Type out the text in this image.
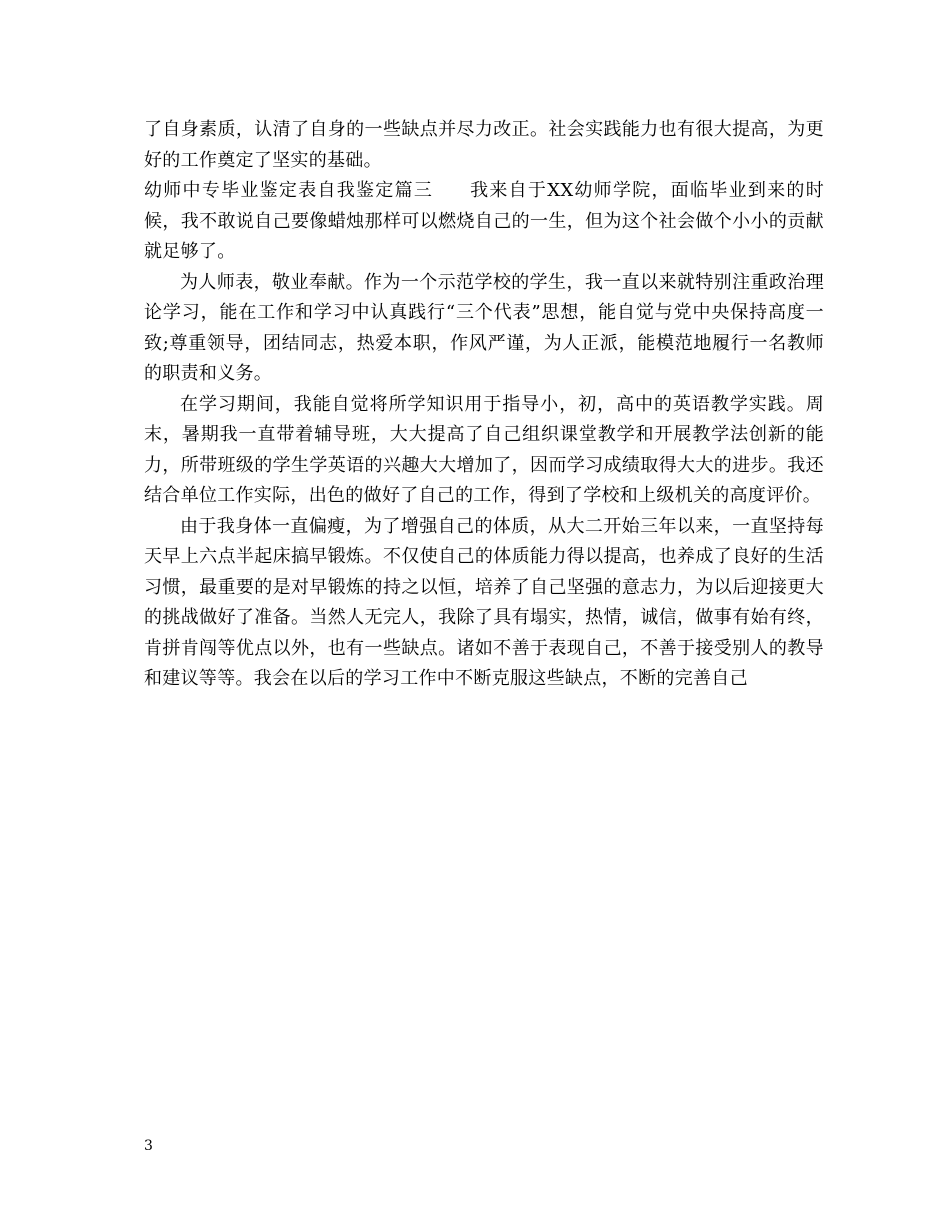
了自身素质，认清了自身的一些缺点并尽力改正。社会实践能力也有很大提高，为更好的工作奠定了坚实的基础。

幼师中专毕业鉴定表自我鉴定篇三 我来自于XX幼师学院，面临毕业到来的时候，我不敢说自己要像蜡烛那样可以燃烧自己的一生，但为这个社会做个小小的贡献就足够了。

为人师表，敬业奉献。作为一个示范学校的学生，我一直以来就特别注重政治理论学习，能在工作和学习中认真践行“三个代表”思想，能自觉与党中央保持高度一致;尊重领导，团结同志，热爱本职，作风严谨，为人正派，能模范地履行一名教师的职责和义务。

在学习期间，我能自觉将所学知识用于指导小，初，高中的英语教学实践。周末，暑期我一直带着辅导班，大大提高了自己组织课堂教学和开展教学法创新的能力，所带班级的学生学英语的兴趣大大增加了，因而学习成绩取得大大的进步。我还结合单位工作实际，出色的做好了自己的工作，得到了学校和上级机关的高度评价。

由于我身体一直偏瘦，为了增强自己的体质，从大二开始三年以来，一直坚持每天早上六点半起床搞早锻炼。不仅使自己的体质能力得以提高，也养成了良好的生活习惯，最重要的是对早锻炼的持之以恒，培养了自己坚强的意志力，为以后迎接更大的挑战做好了准备。当然人无完人，我除了具有塌实，热情，诚信，做事有始有终，肯拼肯闯等优点以外，也有一些缺点。诸如不善于表现自己，不善于接受别人的教导和建议等等。我会在以后的学习工作中不断克服这些缺点，不断的完善自己

3
